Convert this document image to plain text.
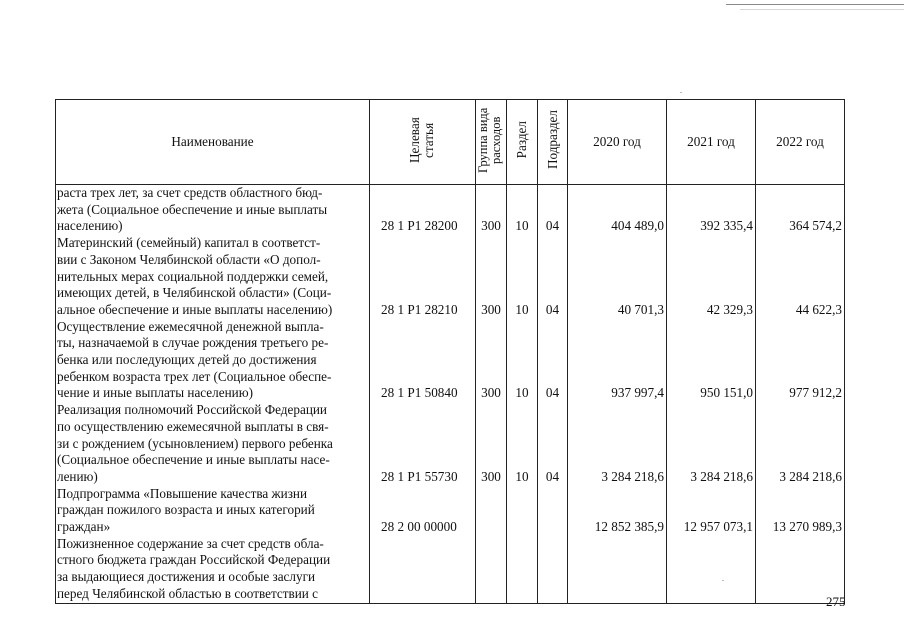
Наименование	Целевая статья	Группа вида расходов	Раздел	Подраздел	2020 год	2021 год	2022 год

раста трех лет, за счет средств областного бюд-
жета (Социальное обеспечение и иные выплаты
населению)	28 1 P1 28200	300	10	04	404 489,0	392 335,4	364 574,2

Материнский (семейный) капитал в соответст-
вии с Законом Челябинской области «О допол-
нительных мерах социальной поддержки семей,
имеющих детей, в Челябинской области» (Соци-
альное обеспечение и иные выплаты населению)	28 1 P1 28210	300	10	04	40 701,3	42 329,3	44 622,3

Осуществление ежемесячной денежной выпла-
ты, назначаемой в случае рождения третьего ре-
бенка или последующих детей до достижения
ребенком возраста трех лет (Социальное обеспе-
чение и иные выплаты населению)	28 1 P1 50840	300	10	04	937 997,4	950 151,0	977 912,2

Реализация полномочий Российской Федерации
по осуществлению ежемесячной выплаты в свя-
зи с рождением (усыновлением) первого ребенка
(Социальное обеспечение и иные выплаты насе-
лению)	28 1 P1 55730	300	10	04	3 284 218,6	3 284 218,6	3 284 218,6

Подпрограмма «Повышение качества жизни
граждан пожилого возраста и иных категорий
граждан»	28 2 00 00000				12 852 385,9	12 957 073,1	13 270 989,3

Пожизненное содержание за счет средств обла-
стного бюджета граждан Российской Федерации
за выдающиеся достижения и особые заслуги
перед Челябинской областью в соответствии с							

275
